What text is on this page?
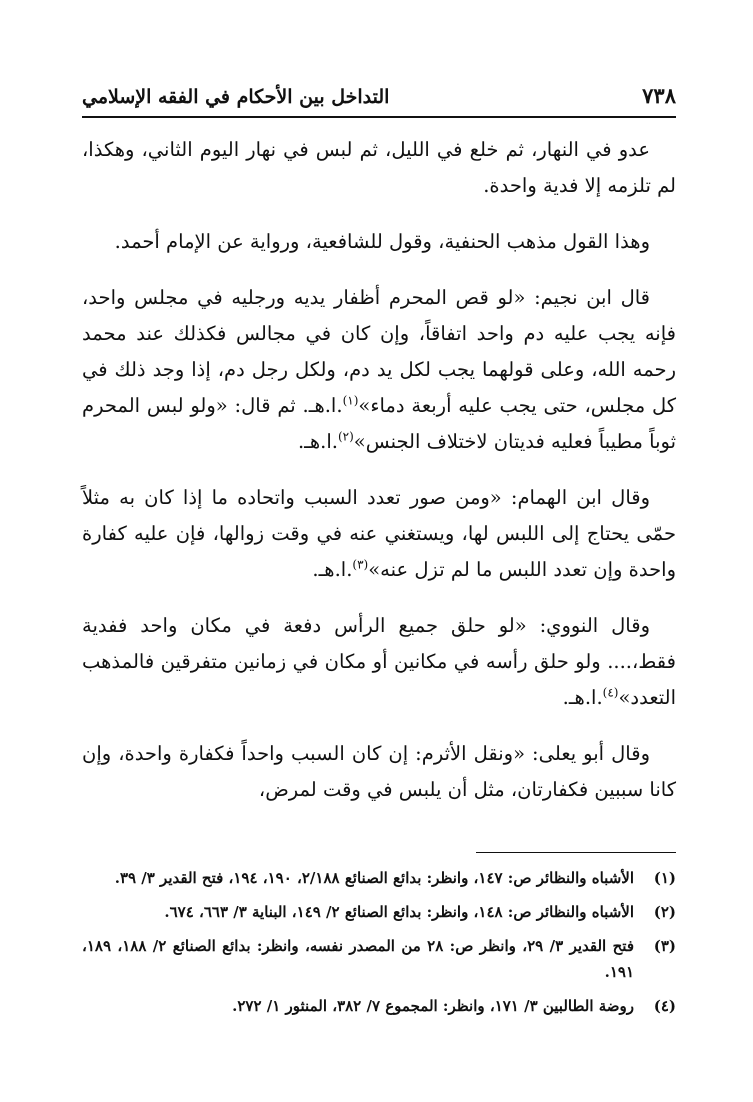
٧٣٨
التداخل بين الأحكام في الفقه الإسلامي

عدو في النهار، ثم خلع في الليل، ثم لبس في نهار اليوم الثاني، وهكذا، لم تلزمه إلا فدية واحدة.

وهذا القول مذهب الحنفية، وقول للشافعية، ورواية عن الإمام أحمد.

قال ابن نجيم: «لو قص المحرم أظفار يديه ورجليه في مجلس واحد، فإنه يجب عليه دم واحد اتفاقاً، وإن كان في مجالس فكذلك عند محمد رحمه الله، وعلى قولهما يجب لكل يد دم، ولكل رجل دم، إذا وجد ذلك في كل مجلس، حتى يجب عليه أربعة دماء»$^{(١)}$.ا.هـ. ثم قال: «ولو لبس المحرم ثوباً مطيباً فعليه فديتان لاختلاف الجنس»$^{(٢)}$.ا.هـ.

وقال ابن الهمام: «ومن صور تعدد السبب واتحاده ما إذا كان به مثلاً حمّى يحتاج إلى اللبس لها، ويستغني عنه في وقت زوالها، فإن عليه كفارة واحدة وإن تعدد اللبس ما لم تزل عنه»$^{(٣)}$.ا.هـ.

وقال النووي: «لو حلق جميع الرأس دفعة في مكان واحد ففدية فقط،.... ولو حلق رأسه في مكانين أو مكان في زمانين متفرقين فالمذهب التعدد»$^{(٤)}$.ا.هـ.

وقال أبو يعلى: «ونقل الأثرم: إن كان السبب واحداً فكفارة واحدة، وإن كانا سببين فكفارتان، مثل أن يلبس في وقت لمرض،

(١)
الأشباه والنظائر ص: ١٤٧، وانظر: بدائع الصنائع ٢/١٨٨، ١٩٠، ١٩٤، فتح القدير ٣/ ٣٩.
(٢)
الأشباه والنظائر ص: ١٤٨، وانظر: بدائع الصنائع ٢/ ١٤٩، البناية ٣/ ٦٦٣، ٦٧٤.
(٣)
فتح القدير ٣/ ٢٩، وانظر ص: ٢٨ من المصدر نفسه، وانظر: بدائع الصنائع ٢/ ١٨٨، ١٨٩، ١٩١.
(٤)
روضة الطالبين ٣/ ١٧١، وانظر: المجموع ٧/ ٣٨٢، المنثور ١/ ٢٧٢.
